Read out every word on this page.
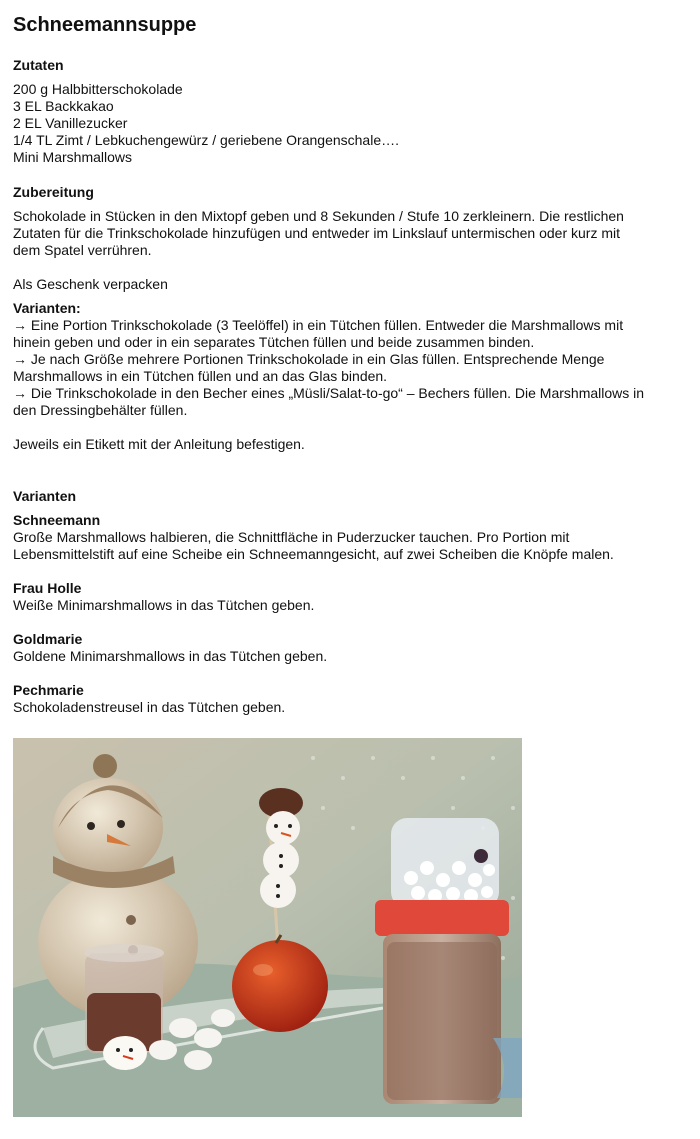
Schneemannsuppe
Zutaten
200 g Halbbitterschokolade
3 EL Backkakao
2 EL Vanillezucker
1/4 TL Zimt / Lebkuchengewürz / geriebene Orangenschale….
Mini Marshmallows
Zubereitung
Schokolade in Stücken in den Mixtopf geben und 8 Sekunden / Stufe 10 zerkleinern. Die restlichen
Zutaten für die Trinkschokolade hinzufügen und entweder im Linkslauf untermischen oder kurz mit
dem Spatel verrühren.
Als Geschenk verpacken
Varianten:
→ Eine Portion Trinkschokolade (3 Teelöffel) in ein Tütchen füllen. Entweder die Marshmallows mit
hinein geben und oder in ein separates Tütchen füllen und beide zusammen binden.
→ Je nach Größe mehrere Portionen Trinkschokolade in ein Glas füllen. Entsprechende Menge
Marshmallows in ein Tütchen füllen und an das Glas binden.
→ Die Trinkschokolade in den Becher eines „Müsli/Salat-to-go“ – Bechers füllen. Die Marshmallows in
den Dressingbehälter füllen.
Jeweils ein Etikett mit der Anleitung befestigen.
Varianten
Schneemann
Große Marshmallows halbieren, die Schnittfläche in Puderzucker tauchen. Pro Portion mit
Lebensmittelstift auf eine Scheibe ein Schneemanngesicht, auf zwei Scheiben die Knöpfe malen.
Frau Holle
Weiße Minimarshmallows in das Tütchen geben.
Goldmarie
Goldene Minimarshmallows in das Tütchen geben.
Pechmarie
Schokoladenstreusel in das Tütchen geben.
